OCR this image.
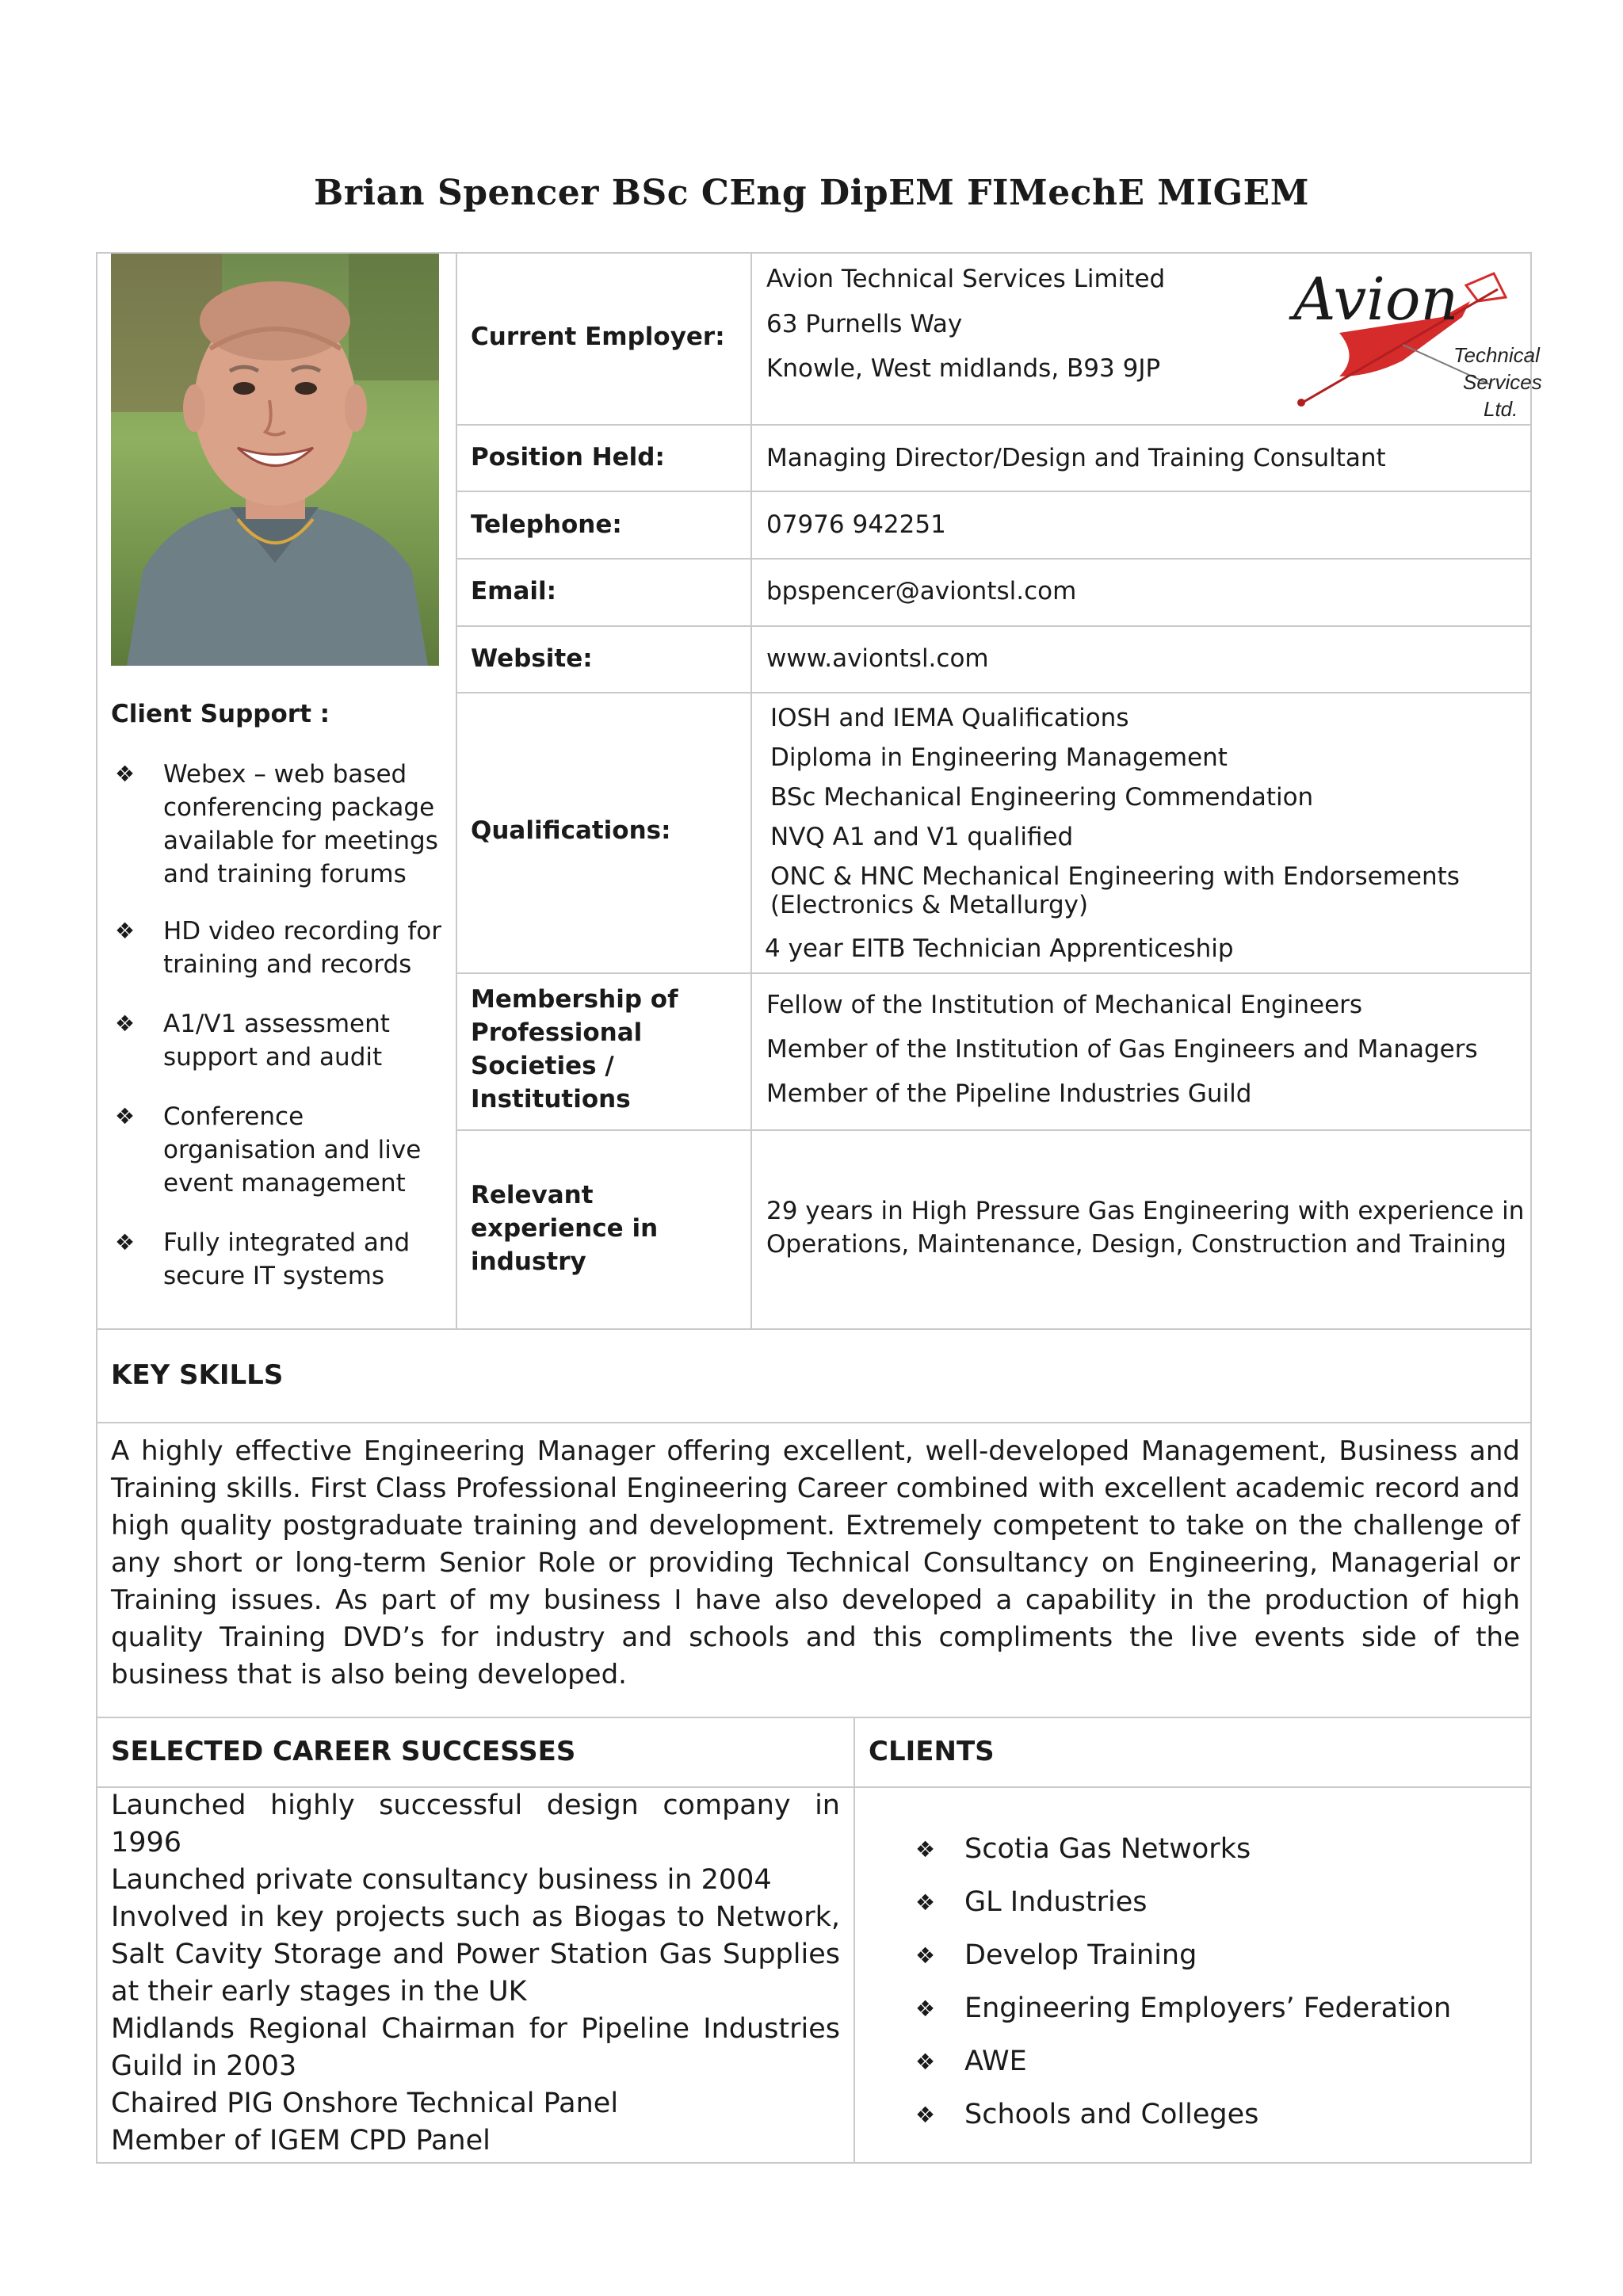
Brian Spencer BSc CEng DipEM FIMechE MIGEM
Client Support :
❖ Webex – web based
conferencing package
available for meetings
and training forums
❖ HD video recording for
training and records
❖ A1/V1 assessment
support and audit
❖ Conference
organisation and live
event management
❖ Fully integrated and
secure IT systems
Current Employer:
Position Held:
Telephone:
Email:
Website:
Qualifications:
Membership of
Professional
Societies /
Institutions
Relevant
experience in
industry
Avion Technical Services Limited
63 Purnells Way
Knowle, West midlands, B93 9JP
Managing Director/Design and Training Consultant
07976 942251
bpspencer@aviontsl.com
www.aviontsl.com
IOSH and IEMA Qualifications
Diploma in Engineering Management
BSc Mechanical Engineering Commendation
NVQ A1 and V1 qualified
ONC & HNC Mechanical Engineering with Endorsements
(Electronics & Metallurgy)
4 year EITB Technician Apprenticeship
Fellow of the Institution of Mechanical Engineers
Member of the Institution of Gas Engineers and Managers
Member of the Pipeline Industries Guild
29 years in High Pressure Gas Engineering with experience in
Operations, Maintenance, Design, Construction and Training
Avion
Technical
Services
Ltd.
KEY SKILLS
A highly effective Engineering Manager offering excellent, well-developed Management, Business and Training skills. First Class Professional Engineering Career combined with excellent academic record and high quality postgraduate training and development. Extremely competent to take on the challenge of any short or long-term Senior Role or providing Technical Consultancy on Engineering, Managerial or Training issues. As part of my business I have also developed a capability in the production of high quality Training DVD’s for industry and schools and this compliments the live events side of the business that is also being developed.
SELECTED CAREER SUCCESSES	CLIENTS
Launched highly successful design company in 1996
Launched private consultancy business in 2004
Involved in key projects such as Biogas to Network, Salt Cavity Storage and Power Station Gas Supplies at their early stages in the UK
Midlands Regional Chairman for Pipeline Industries Guild in 2003
Chaired PIG Onshore Technical Panel
Member of IGEM CPD Panel
❖ Scotia Gas Networks
❖ GL Industries
❖ Develop Training
❖ Engineering Employers’ Federation
❖ AWE
❖ Schools and Colleges
